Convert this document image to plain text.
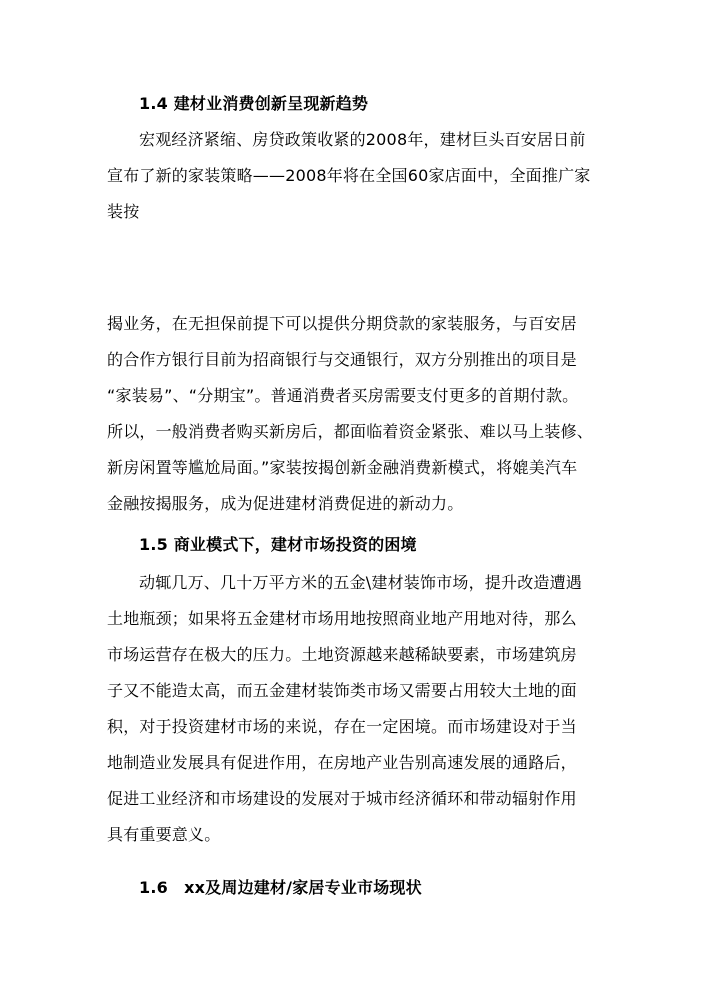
1.4 建材业消费创新呈现新趋势
宏观经济紧缩、房贷政策收紧的2008年，建材巨头百安居日前
宣布了新的家装策略——2008年将在全国60家店面中，全面推广家
装按
揭业务，在无担保前提下可以提供分期贷款的家装服务，与百安居
的合作方银行目前为招商银行与交通银行，双方分别推出的项目是
“家装易”、“分期宝”。普通消费者买房需要支付更多的首期付款。
所以，一般消费者购买新房后，都面临着资金紧张、难以马上装修、
新房闲置等尴尬局面。”家装按揭创新金融消费新模式，将媲美汽车
金融按揭服务，成为促进建材消费促进的新动力。
1.5 商业模式下，建材市场投资的困境
动辄几万、几十万平方米的五金\建材装饰市场，提升改造遭遇
土地瓶颈；如果将五金建材市场用地按照商业地产用地对待，那么
市场运营存在极大的压力。土地资源越来越稀缺要素，市场建筑房
子又不能造太高，而五金建材装饰类市场又需要占用较大土地的面
积，对于投资建材市场的来说，存在一定困境。而市场建设对于当
地制造业发展具有促进作用，在房地产业告别高速发展的通路后，
促进工业经济和市场建设的发展对于城市经济循环和带动辐射作用
具有重要意义。
1.6　xx及周边建材/家居专业市场现状
